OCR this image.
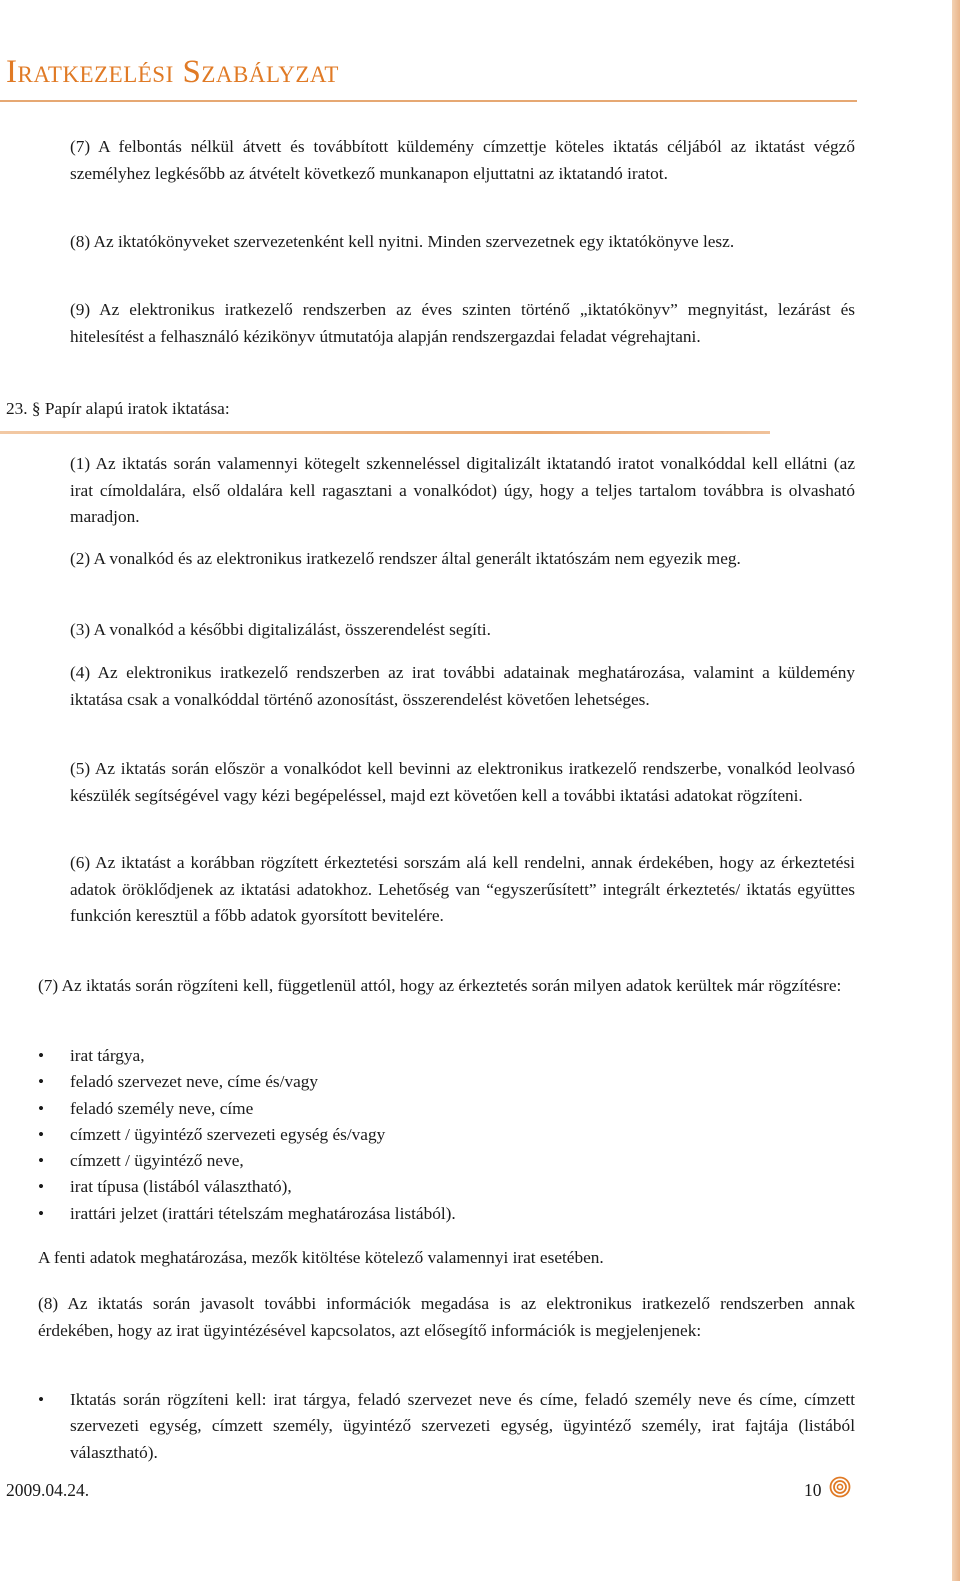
Iratkezelési Szabályzat
(7) A felbontás nélkül átvett és továbbított küldemény címzettje köteles iktatás céljából az iktatást végző személyhez legkésőbb az átvételt következő munkanapon eljuttatni az iktatandó iratot.
(8) Az iktatókönyveket szervezetenként kell nyitni. Minden szervezetnek egy iktatókönyve lesz.
(9) Az elektronikus iratkezelő rendszerben az éves szinten történő „iktatókönyv” megnyitást, lezárást és hitelesítést a felhasználó kézikönyv útmutatója alapján rendszergazdai feladat végrehajtani.
23. § Papír alapú iratok iktatása:
(1) Az iktatás során valamennyi kötegelt szkenneléssel digitalizált iktatandó iratot vonalkóddal kell ellátni (az irat címoldalára, első oldalára kell ragasztani a vonalkódot) úgy, hogy a teljes tartalom továbbra is olvasható maradjon.
(2) A vonalkód és az elektronikus iratkezelő rendszer által generált iktatószám nem egyezik meg.
(3) A vonalkód a későbbi digitalizálást, összerendelést segíti.
(4) Az elektronikus iratkezelő rendszerben az irat további adatainak meghatározása, valamint a küldemény iktatása csak a vonalkóddal történő azonosítást, összerendelést követően lehetséges.
(5) Az iktatás során először a vonalkódot kell bevinni az elektronikus iratkezelő rendszerbe, vonalkód leolvasó készülék segítségével vagy kézi begépeléssel, majd ezt követően kell a további iktatási adatokat rögzíteni.
(6) Az iktatást a korábban rögzített érkeztetési sorszám alá kell rendelni, annak érdekében, hogy az érkeztetési adatok öröklődjenek az iktatási adatokhoz. Lehetőség van “egyszerűsített” integrált érkeztetés/ iktatás együttes funkción keresztül a főbb adatok gyorsított bevitelére.
(7) Az iktatás során rögzíteni kell, függetlenül attól, hogy az érkeztetés során milyen adatok kerültek már rögzítésre:
• irat tárgya,
• feladó szervezet neve, címe és/vagy
• feladó személy neve, címe
• címzett / ügyintéző szervezeti egység és/vagy
• címzett / ügyintéző neve,
• irat típusa (listából választható),
• irattári jelzet (irattári tételszám meghatározása listából).
A fenti adatok meghatározása, mezők kitöltése kötelező valamennyi irat esetében.
(8) Az iktatás során javasolt további információk megadása is az elektronikus iratkezelő rendszerben annak érdekében, hogy az irat ügyintézésével kapcsolatos, azt elősegítő információk is megjelenjenek:
• Iktatás során rögzíteni kell: irat tárgya, feladó szervezet neve és címe, feladó személy neve és címe, címzett szervezeti egység, címzett személy, ügyintéző szervezeti egység, ügyintéző személy, irat fajtája (listából választható).
2009.04.24.	10
